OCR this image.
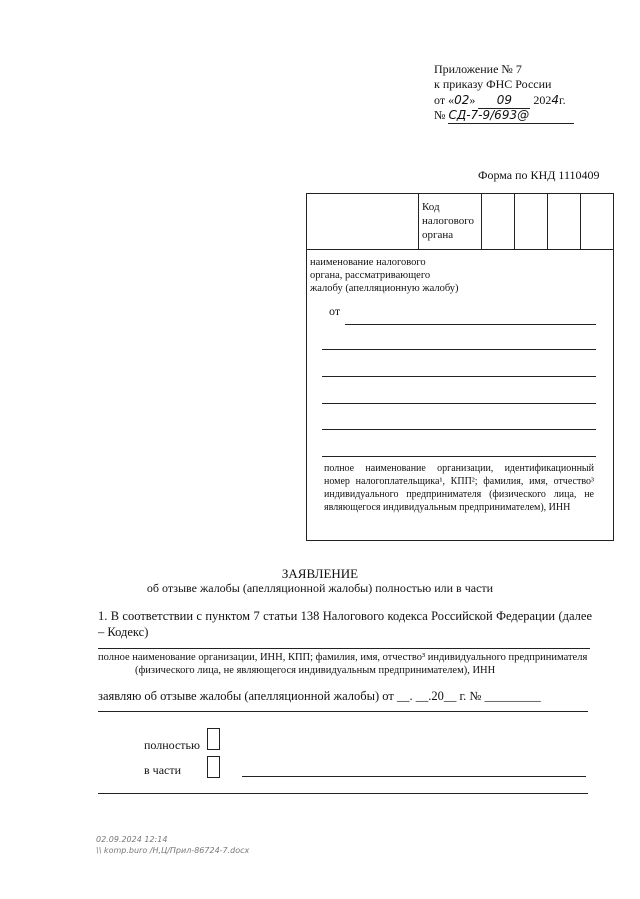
Приложение № 7
к приказу ФНС России
от «02» 09 2024г.
№ СД-7-9/693@
Форма по КНД 1110409
Код
налогового
органа
наименование налогового
органа, рассматривающего
жалобу (апелляционную жалобу)
от
полное наименование организации, идентификационный номер налогоплательщика¹, КПП²; фамилия, имя, отчество³ индивидуального предпринимателя (физического лица, не являющегося индивидуальным предпринимателем), ИНН
ЗАЯВЛЕНИЕ
об отзыве жалобы (апелляционной жалобы) полностью или в части
1. В соответствии с пунктом 7 статьи 138 Налогового кодекса Российской Федерации (далее – Кодекс)
полное наименование организации, ИНН, КПП; фамилия, имя, отчество³ индивидуального предпринимателя
(физического лица, не являющегося индивидуальным предпринимателем), ИНН
заявляю об отзыве жалобы (апелляционной жалобы) от __. __.20__ г. № _________
полностью
в части
02.09.2024 12:14
\\ komp.buro /Н,Ц/Прил-86724-7.docx
